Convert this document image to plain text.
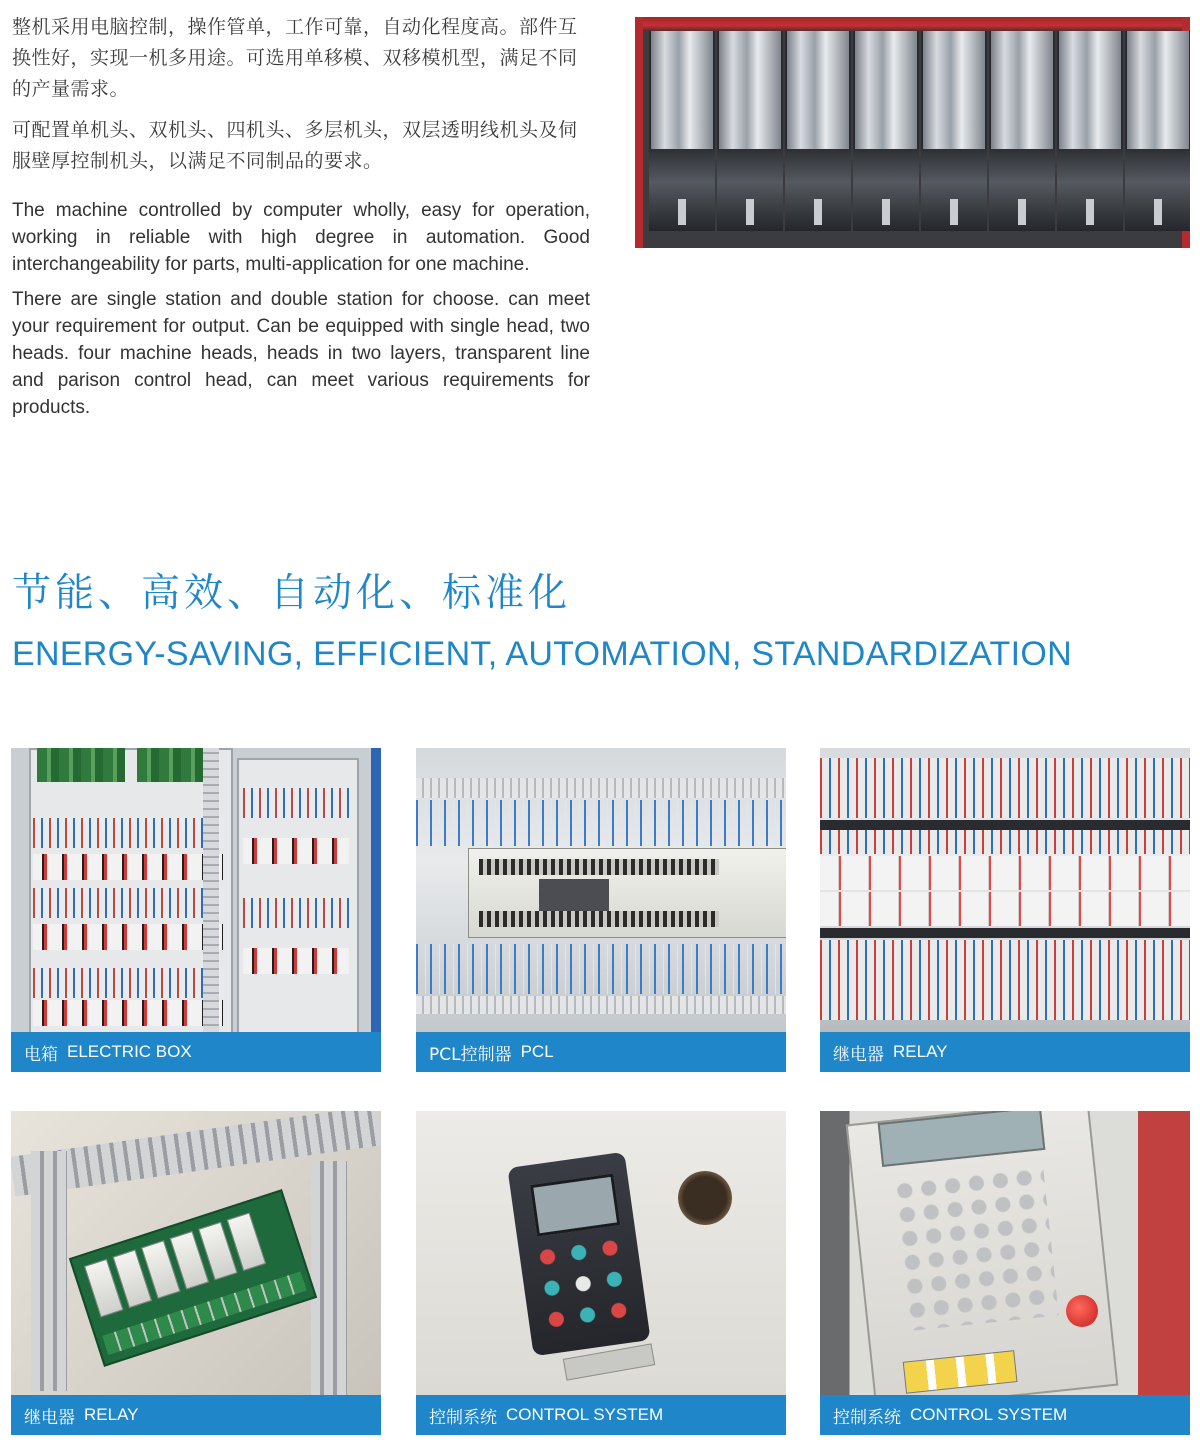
整机采用电脑控制，操作管单，工作可靠，自动化程度高。部件互换性好，实现一机多用途。可选用单移模、双移模机型，满足不同的产量需求。

可配置单机头、双机头、四机头、多层机头，双层透明线机头及伺服壁厚控制机头，以满足不同制品的要求。

The machine controlled by computer wholly, easy for operation, working in reliable with high degree in automation. Good interchangeability for parts, multi-application for one machine.

There are single station and double station for choose. can meet your requirement for output. Can be equipped with single head, two heads. four machine heads, heads in two layers, transparent line and parison control head, can meet various requirements for products.

节能、高效、自动化、标准化
ENERGY-SAVING, EFFICIENT, AUTOMATION, STANDARDIZATION
电箱 ELECTRIC BOX	PCL控制器 PCL	继电器 RELAY
继电器 RELAY	控制系统 CONTROL SYSTEM	控制系统 CONTROL SYSTEM
